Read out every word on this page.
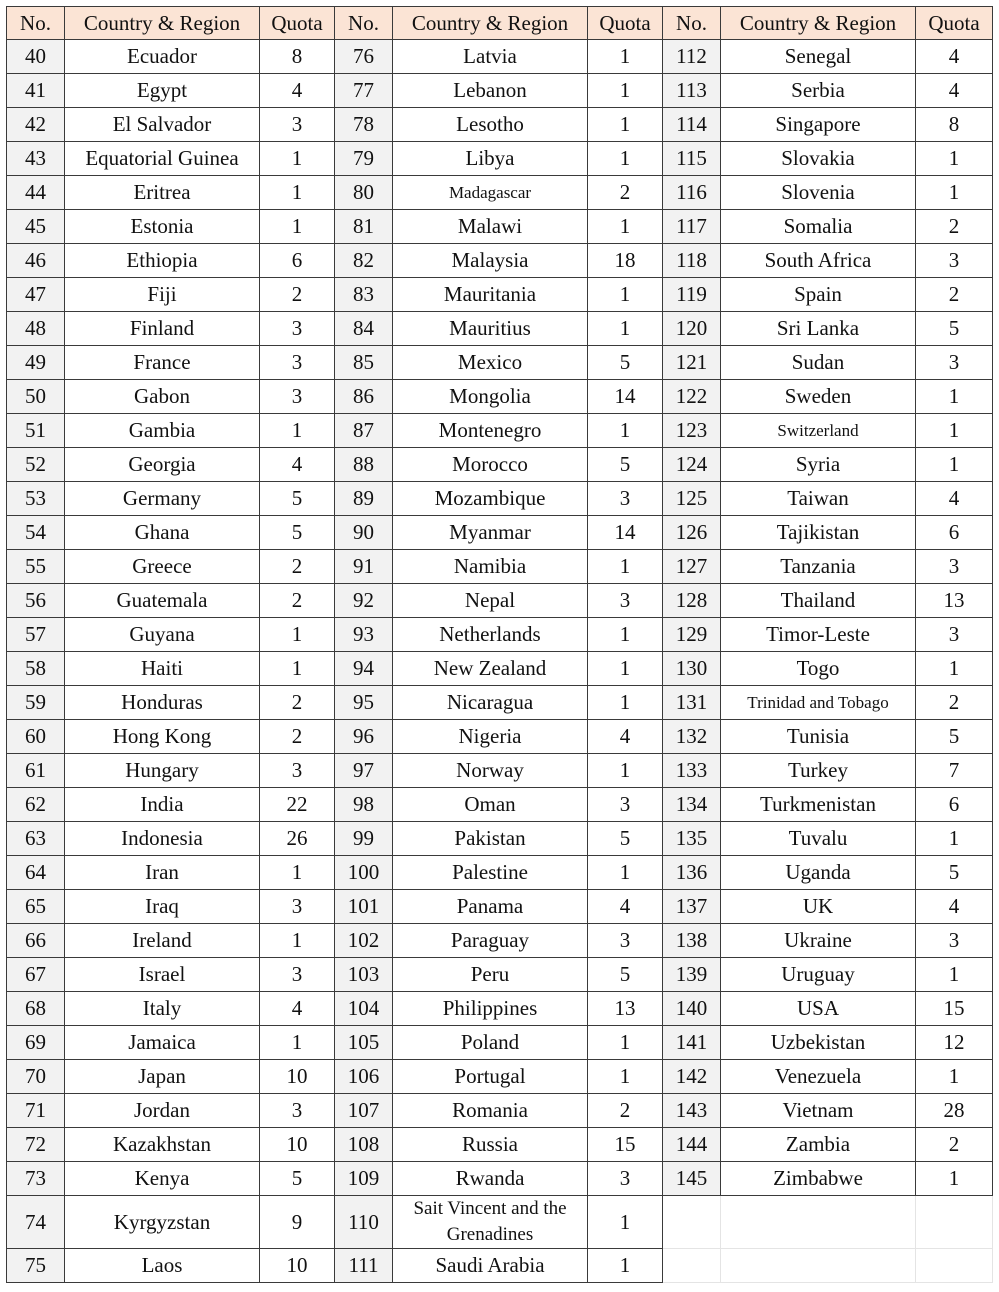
No.	Country & Region	Quota	No.	Country & Region	Quota	No.	Country & Region	Quota
40	Ecuador	8	76	Latvia	1	112	Senegal	4
41	Egypt	4	77	Lebanon	1	113	Serbia	4
42	El Salvador	3	78	Lesotho	1	114	Singapore	8
43	Equatorial Guinea	1	79	Libya	1	115	Slovakia	1
44	Eritrea	1	80	Madagascar	2	116	Slovenia	1
45	Estonia	1	81	Malawi	1	117	Somalia	2
46	Ethiopia	6	82	Malaysia	18	118	South Africa	3
47	Fiji	2	83	Mauritania	1	119	Spain	2
48	Finland	3	84	Mauritius	1	120	Sri Lanka	5
49	France	3	85	Mexico	5	121	Sudan	3
50	Gabon	3	86	Mongolia	14	122	Sweden	1
51	Gambia	1	87	Montenegro	1	123	Switzerland	1
52	Georgia	4	88	Morocco	5	124	Syria	1
53	Germany	5	89	Mozambique	3	125	Taiwan	4
54	Ghana	5	90	Myanmar	14	126	Tajikistan	6
55	Greece	2	91	Namibia	1	127	Tanzania	3
56	Guatemala	2	92	Nepal	3	128	Thailand	13
57	Guyana	1	93	Netherlands	1	129	Timor-Leste	3
58	Haiti	1	94	New Zealand	1	130	Togo	1
59	Honduras	2	95	Nicaragua	1	131	Trinidad and Tobago	2
60	Hong Kong	2	96	Nigeria	4	132	Tunisia	5
61	Hungary	3	97	Norway	1	133	Turkey	7
62	India	22	98	Oman	3	134	Turkmenistan	6
63	Indonesia	26	99	Pakistan	5	135	Tuvalu	1
64	Iran	1	100	Palestine	1	136	Uganda	5
65	Iraq	3	101	Panama	4	137	UK	4
66	Ireland	1	102	Paraguay	3	138	Ukraine	3
67	Israel	3	103	Peru	5	139	Uruguay	1
68	Italy	4	104	Philippines	13	140	USA	15
69	Jamaica	1	105	Poland	1	141	Uzbekistan	12
70	Japan	10	106	Portugal	1	142	Venezuela	1
71	Jordan	3	107	Romania	2	143	Vietnam	28
72	Kazakhstan	10	108	Russia	15	144	Zambia	2
73	Kenya	5	109	Rwanda	3	145	Zimbabwe	1
74	Kyrgyzstan	9	110	Sait Vincent and the Grenadines	1			
75	Laos	10	111	Saudi Arabia	1			
